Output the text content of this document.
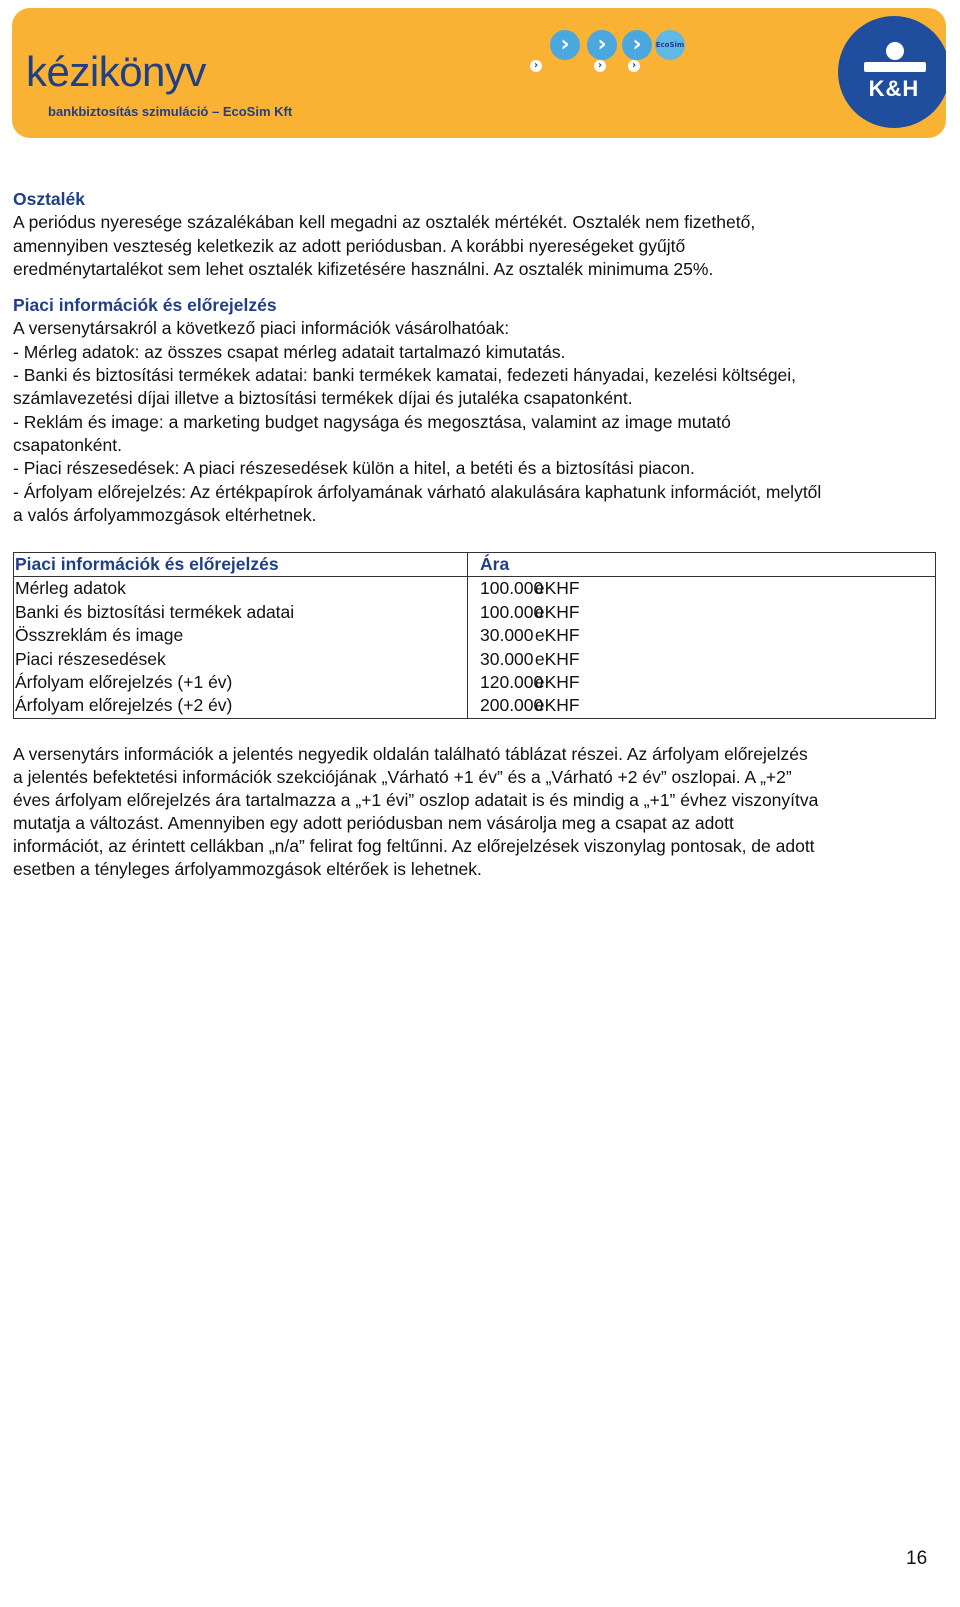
kézikönyv
bankbiztosítás szimuláció – EcoSim Kft
›	›	›	EcoSim
›	›	›
K&H
Osztalék

A periódus nyeresége százalékában kell megadni az osztalék mértékét. Osztalék nem fizethető,
amennyiben veszteség keletkezik az adott periódusban. A korábbi nyereségeket gyűjtő
eredménytartalékot sem lehet osztalék kifizetésére használni. Az osztalék minimuma 25%.

Piaci információk és előrejelzés

A versenytársakról a következő piaci információk vásárolhatóak:
- Mérleg adatok: az összes csapat mérleg adatait tartalmazó kimutatás.
- Banki és biztosítási termékek adatai: banki termékek kamatai, fedezeti hányadai, kezelési költségei,
számlavezetési díjai illetve a biztosítási termékek díjai és jutaléka csapatonként.
- Reklám és image: a marketing budget nagysága és megosztása, valamint az image mutató
csapatonként.
- Piaci részesedések: A piaci részesedések külön a hitel, a betéti és a biztosítási piacon.
- Árfolyam előrejelzés: Az értékpapírok árfolyamának várható alakulására kaphatunk információt, melytől
a valós árfolyammozgások eltérhetnek.

Piaci információk és előrejelzés	Ára
Mérleg adatok	100.000 eKHF
Banki és biztosítási termékek adatai	100.000 eKHF
Összreklám és image	30.000 eKHF
Piaci részesedések	30.000 eKHF
Árfolyam előrejelzés (+1 év)	120.000 eKHF
Árfolyam előrejelzés (+2 év)	200.000 eKHF
A versenytárs információk a jelentés negyedik oldalán található táblázat részei. Az árfolyam előrejelzés
a jelentés befektetési információk szekciójának „Várható +1 év” és a „Várható +2 év” oszlopai. A „+2”
éves árfolyam előrejelzés ára tartalmazza a „+1 évi” oszlop adatait is és mindig a „+1” évhez viszonyítva
mutatja a változást. Amennyiben egy adott periódusban nem vásárolja meg a csapat az adott
információt, az érintett cellákban „n/a” felirat fog feltűnni. Az előrejelzések viszonylag pontosak, de adott
esetben a tényleges árfolyammozgások eltérőek is lehetnek.
16
